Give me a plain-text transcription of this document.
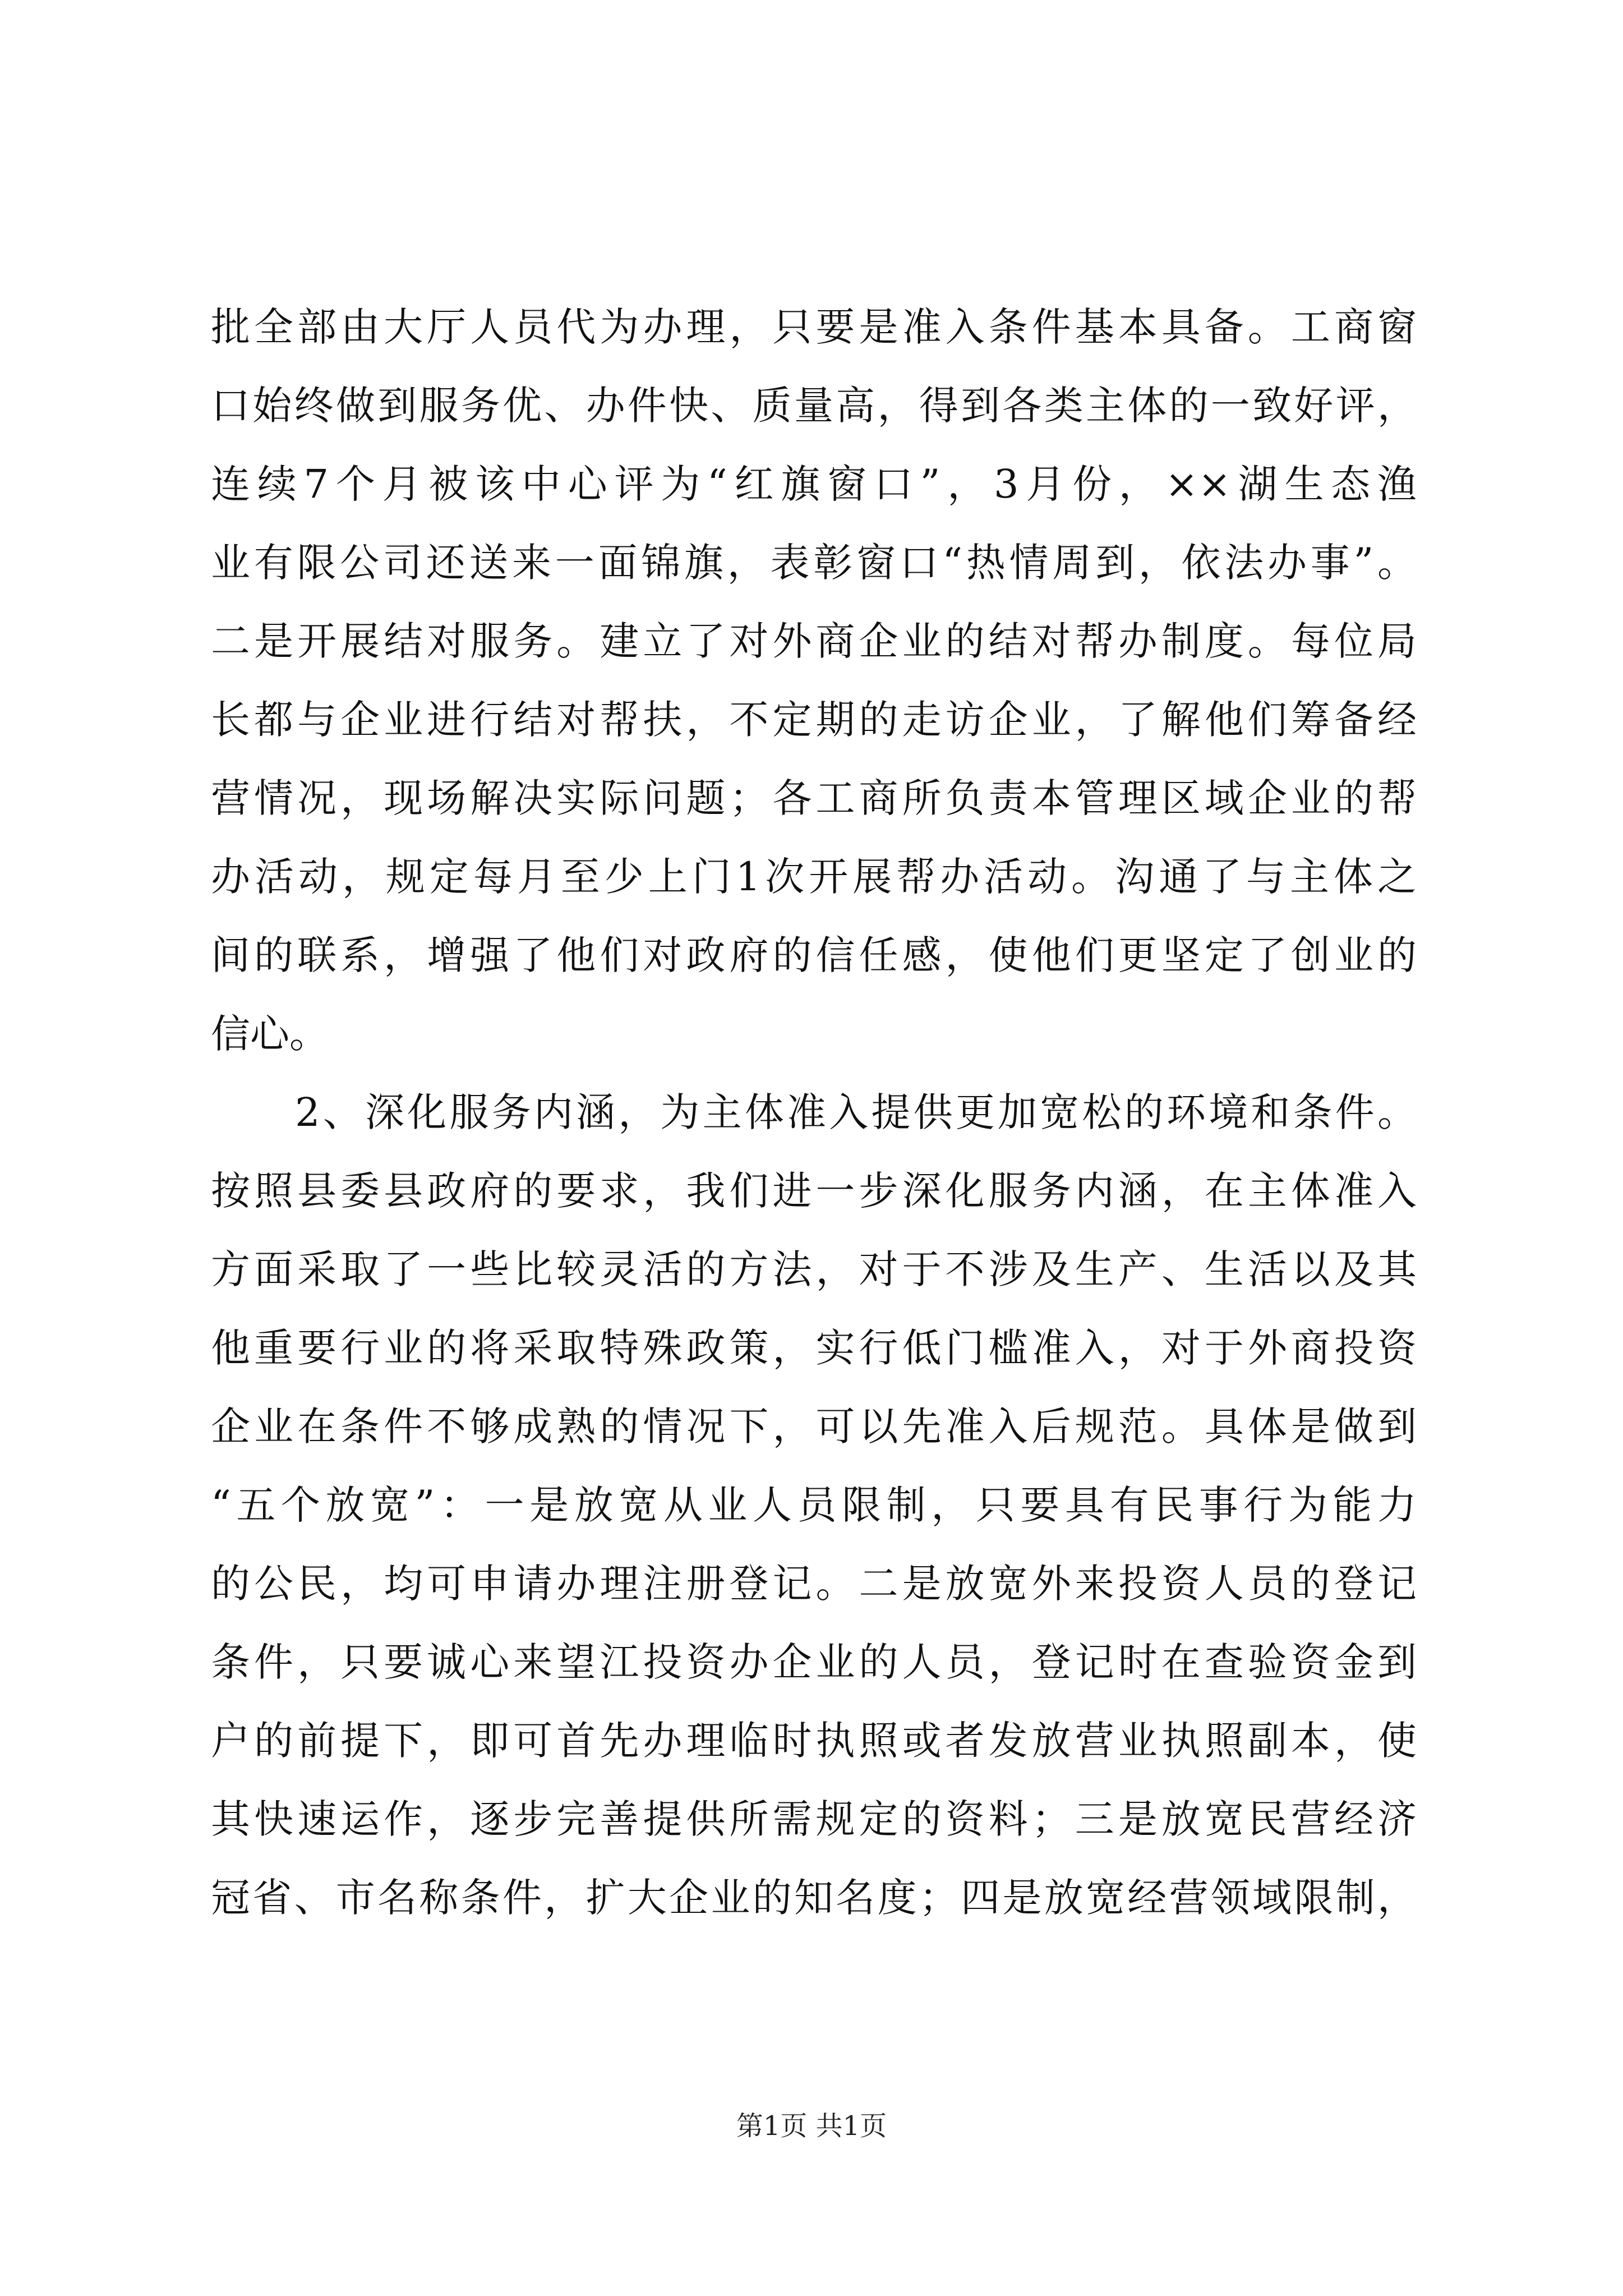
批全部由大厅人员代为办理，只要是准入条件基本具备。工商窗
口始终做到服务优、办件快、质量高，得到各类主体的一致好评，
连续7个月被该中心评为“红旗窗口”，3月份，××湖生态渔
业有限公司还送来一面锦旗，表彰窗口“热情周到，依法办事”。
二是开展结对服务。建立了对外商企业的结对帮办制度。每位局
长都与企业进行结对帮扶，不定期的走访企业，了解他们筹备经
营情况，现场解决实际问题；各工商所负责本管理区域企业的帮
办活动，规定每月至少上门1次开展帮办活动。沟通了与主体之
间的联系，增强了他们对政府的信任感，使他们更坚定了创业的
信心。
2、深化服务内涵，为主体准入提供更加宽松的环境和条件。
按照县委县政府的要求，我们进一步深化服务内涵，在主体准入
方面采取了一些比较灵活的方法，对于不涉及生产、生活以及其
他重要行业的将采取特殊政策，实行低门槛准入，对于外商投资
企业在条件不够成熟的情况下，可以先准入后规范。具体是做到
“五个放宽”：一是放宽从业人员限制，只要具有民事行为能力
的公民，均可申请办理注册登记。二是放宽外来投资人员的登记
条件，只要诚心来望江投资办企业的人员，登记时在查验资金到
户的前提下，即可首先办理临时执照或者发放营业执照副本，使
其快速运作，逐步完善提供所需规定的资料；三是放宽民营经济
冠省、市名称条件，扩大企业的知名度；四是放宽经营领域限制，
第1页 共1页
